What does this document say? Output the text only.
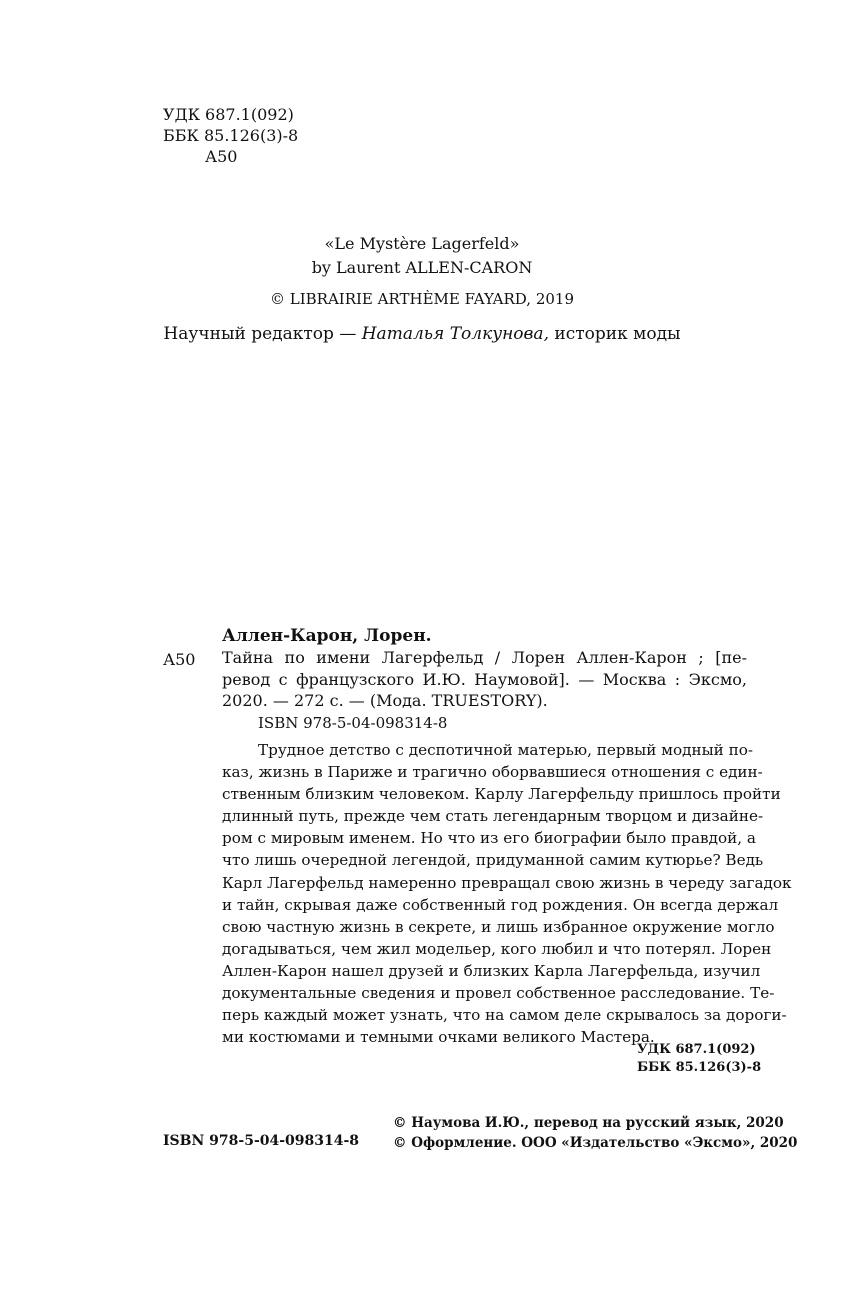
УДК 687.1(092)
ББК 85.126(3)-8
А50
«Le Mystère Lagerfeld»
by Laurent ALLEN-CARON
© LIBRAIRIE ARTHÈME FAYARD, 2019
Научный редактор — Наталья Толкунова, историк моды
Аллен-Карон, Лорен.
А50 Тайна по имени Лагерфельд / Лорен Аллен-Карон ; [пе-
ревод с французского И.Ю. Наумовой]. — Москва : Эксмо,
2020. — 272 с. — (Мода. TRUESTORY).
ISBN 978-5-04-098314-8
Трудное детство с деспотичной матерью, первый модный по-
каз, жизнь в Париже и трагично оборвавшиеся отношения с един-
ственным близким человеком. Карлу Лагерфельду пришлось пройти
длинный путь, прежде чем стать легендарным творцом и дизайне-
ром с мировым именем. Но что из его биографии было правдой, а
что лишь очередной легендой, придуманной самим кутюрье? Ведь
Карл Лагерфельд намеренно превращал свою жизнь в череду загадок
и тайн, скрывая даже собственный год рождения. Он всегда держал
свою частную жизнь в секрете, и лишь избранное окружение могло
догадываться, чем жил модельер, кого любил и что потерял. Лорен
Аллен-Карон нашел друзей и близких Карла Лагерфельда, изучил
документальные сведения и провел собственное расследование. Те-
перь каждый может узнать, что на самом деле скрывалось за дороги-
ми костюмами и темными очками великого Мастера.
УДК 687.1(092)
ББК 85.126(3)-8
ISBN 978-5-04-098314-8
© Наумова И.Ю., перевод на русский язык, 2020
© Оформление. ООО «Издательство «Эксмо», 2020
